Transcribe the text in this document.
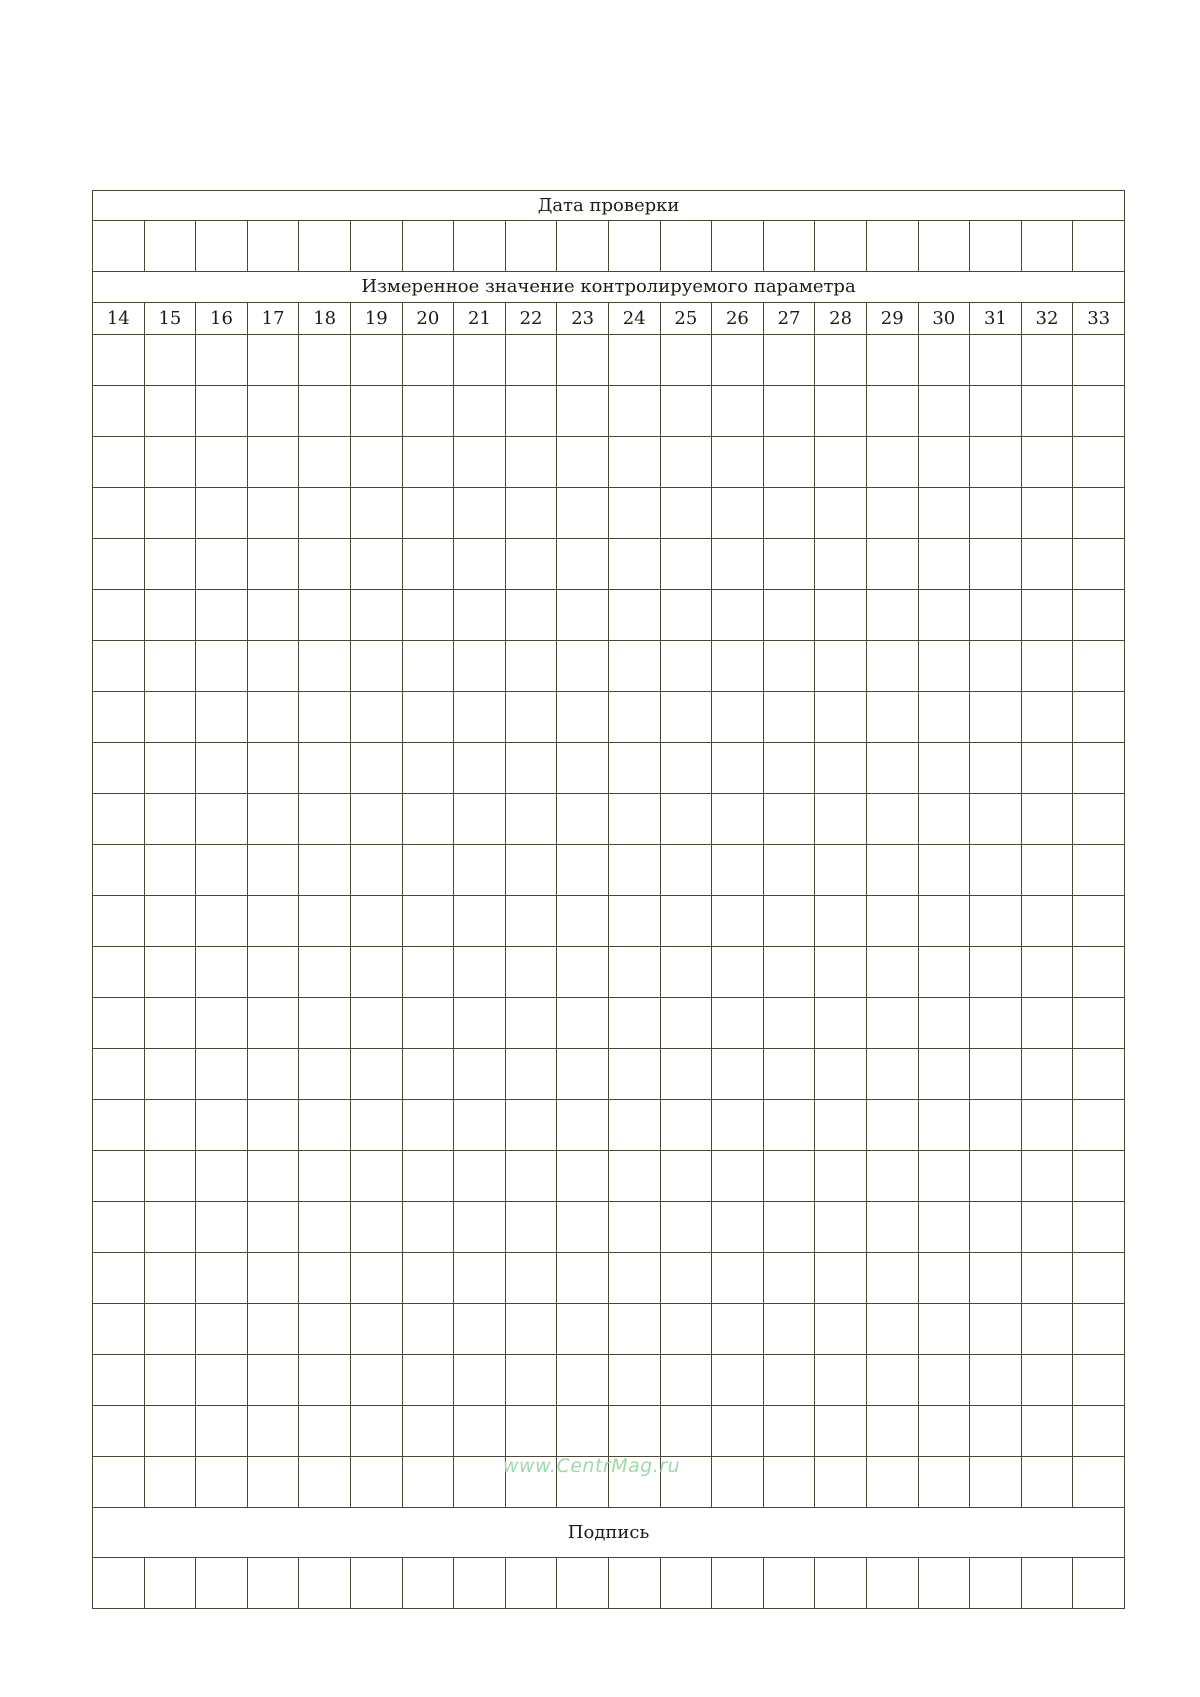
Дата проверки																			

Измеренное значение контролируемого параметра																			
14	15	16	17	18	19	20	21	22	23	24	25	26	27	28	29	30	31	32	33

Подпись																			

www.CentrMag.ru
